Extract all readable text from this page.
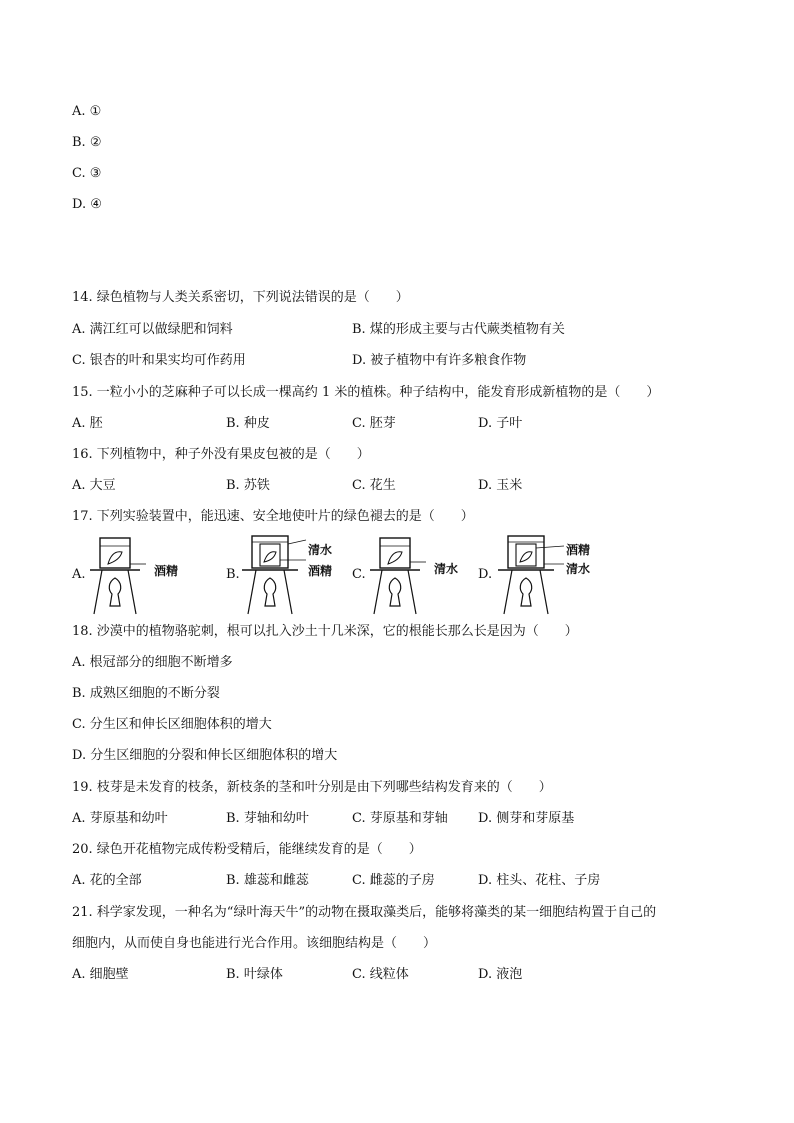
A. ①
B. ②
C. ③
D. ④
14. 绿色植物与人类关系密切，下列说法错误的是（　　）
A. 满江红可以做绿肥和饲料	B. 煤的形成主要与古代蕨类植物有关
C. 银杏的叶和果实均可作药用	D. 被子植物中有许多粮食作物
15. 一粒小小的芝麻种子可以长成一棵高约 1 米的植株。种子结构中，能发育形成新植物的是（　　）
A. 胚	B. 种皮	C. 胚芽	D. 子叶
16. 下列植物中，种子外没有果皮包被的是（　　）
A. 大豆	B. 苏铁	C. 花生	D. 玉米
17. 下列实验装置中，能迅速、安全地使叶片的绿色褪去的是（　　）
A.	酒精	B.
清水
酒精 C.	清水 D.
酒精
清水
18. 沙漠中的植物骆驼刺，根可以扎入沙土十几米深，它的根能长那么长是因为（　　）
A. 根冠部分的细胞不断增多
B. 成熟区细胞的不断分裂
C. 分生区和伸长区细胞体积的增大
D. 分生区细胞的分裂和伸长区细胞体积的增大
19. 枝芽是未发育的枝条，新枝条的茎和叶分别是由下列哪些结构发育来的（　　）
A. 芽原基和幼叶	B. 芽轴和幼叶	C. 芽原基和芽轴 D. 侧芽和芽原基
20. 绿色开花植物完成传粉受精后，能继续发育的是（　　）
A. 花的全部	B. 雄蕊和雌蕊	C. 雌蕊的子房	D. 柱头、花柱、子房
21. 科学家发现，一种名为“绿叶海天牛”的动物在摄取藻类后，能够将藻类的某一细胞结构置于自己的
细胞内，从而使自身也能进行光合作用。该细胞结构是（　　）
A. 细胞壁	B. 叶绿体	C. 线粒体	D. 液泡
